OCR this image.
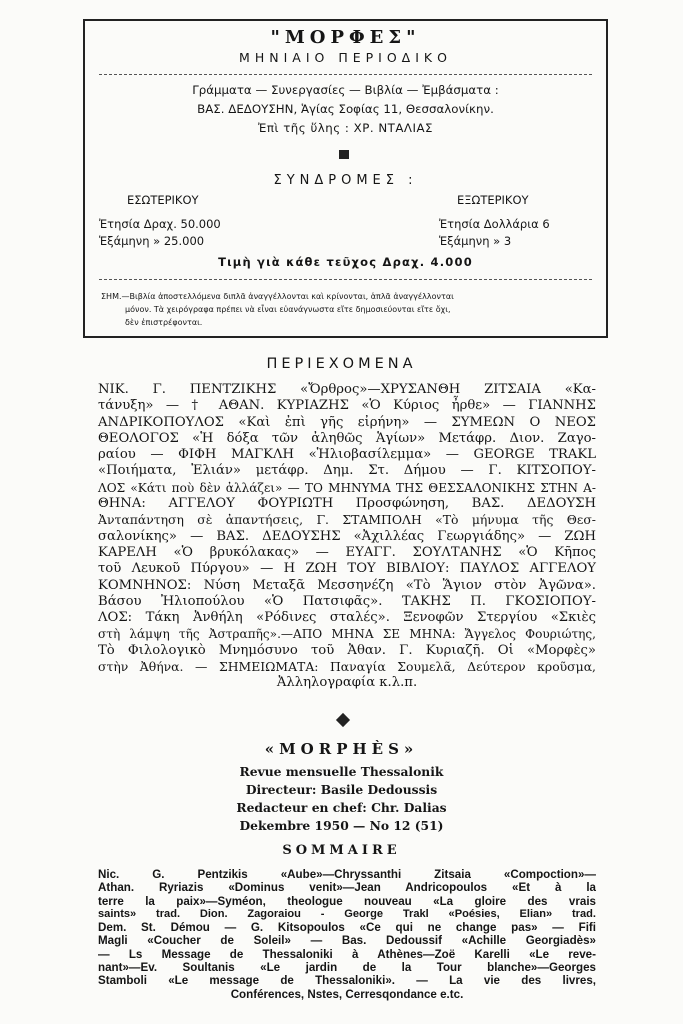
"ΜΟΡΦΕΣ"
ΜΗΝΙΑΙΟ ΠΕΡΙΟΔΙΚΟ
Γράμματα — Συνεργασίες — Βιβλία — Ἐμβάσματα :
ΒΑΣ. ΔΕΔΟΥΣΗΝ, Ἁγίας Σοφίας 11, Θεσσαλονίκην.
Ἐπὶ τῆς ὕλης : ΧΡ. ΝΤΑΛΙΑΣ
ΣΥΝΔΡΟΜΕΣ :
ΕΣΩΤΕΡΙΚΟΥ	ΕΞΩΤΕΡΙΚΟΥ
Ἐτησία Δραχ. 50.000
Ἑξάμηνη » 25.000
Ἐτησία Δολλάρια 6
Ἑξάμηνη » 3
Τιμὴ γιὰ κάθε τεῦχος Δραχ. 4.000
ΣΗΜ.—Βιβλία ἀποστελλόμενα διπλᾶ ἀναγγέλλονται καὶ κρίνονται, ἁπλᾶ ἀναγγέλλονται
μόνον. Τὰ χειρόγραφα πρέπει νὰ εἶναι εὐανάγνωστα εἴτε δημοσιεύονται εἴτε ὄχι,
δὲν ἐπιστρέφονται.
ΠΕΡΙΕΧΟΜΕΝΑ
ΝΙΚ. Γ. ΠΕΝΤΖΙΚΗΣ «Ὄρθρος»—ΧΡΥΣΑΝΘΗ ΖΙΤΣΑΙΑ «Κα-
τάνυξη» — † ΑΘΑΝ. ΚΥΡΙΑΖΗΣ «Ὁ Κύριος ἦρθε» — ΓΙΑΝΝΗΣ
ΑΝΔΡΙΚΟΠΟΥΛΟΣ «Καὶ ἐπὶ γῆς εἰρήνη» — ΣΥΜΕΩΝ Ο ΝΕΟΣ
ΘΕΟΛΟΓΟΣ «Ἡ δόξα τῶν ἀληθῶς Ἁγίων» Μετάφρ. Διον. Ζαγο-
ραίου — ΦΙΦΗ ΜΑΓΚΛΗ «Ἡλιοβασίλεμμα» — GEORGE TRAKL
«Ποιήματα, Ἐλιάν» μετάφρ. Δημ. Στ. Δήμου — Γ. ΚΙΤΣΟΠΟΥ-
ΛΟΣ «Κάτι ποὺ δὲν ἀλλάζει» — ΤΟ ΜΗΝΥΜΑ ΤΗΣ ΘΕΣΣΑΛΟΝΙΚΗΣ ΣΤΗΝ Α-
ΘΗΝΑ: ΑΓΓΕΛΟΥ ΦΟΥΡΙΩΤΗ Προσφώνηση, ΒΑΣ. ΔΕΔΟΥΣΗ
Ἀνταπάντηση σὲ ἀπαντήσεις, Γ. ΣΤΑΜΠΟΛΗ «Τὸ μήνυμα τῆς Θεσ-
σαλονίκης» — ΒΑΣ. ΔΕΔΟΥΣΗΣ «Ἀχιλλέας Γεωργιάδης» — ΖΩΗ
ΚΑΡΕΛΗ «Ὁ βρυκόλακας» — ΕΥΑΓΓ. ΣΟΥΛΤΑΝΗΣ «Ὁ Κῆπος
τοῦ Λευκοῦ Πύργου» — Η ΖΩΗ ΤΟΥ ΒΙΒΛΙΟΥ: ΠΑΥΛΟΣ ΑΓΓΕΛΟΥ
ΚΟΜΝΗΝΟΣ: Νύση Μεταξᾶ Μεσσηνέζη «Τὸ Ἅγιον στὸν Ἀγῶνα».
Βάσου Ἠλιοπούλου «Ὁ Πατσιφᾶς». ΤΑΚΗΣ Π. ΓΚΟΣΙΟΠΟΥ-
ΛΟΣ: Τάκη Ἀνθήλη «Ρόδινες σταλές». Ξενοφῶν Στεργίου «Σκιὲς
στὴ λάμψη τῆς Ἀστραπῆς».—ΑΠΟ ΜΗΝΑ ΣΕ ΜΗΝΑ: Ἄγγελος Φουριώτης,
Τὸ Φιλολογικὸ Μνημόσυνο τοῦ Ἀθαν. Γ. Κυριαζῆ. Οἱ «Μορφὲς»
στὴν Ἀθήνα. — ΣΗΜΕΙΩΜΑΤΑ: Παναγία Σουμελᾶ, Δεύτερον κροῦσμα,
Ἀλληλογραφία κ.λ.π.
«MORPHÈS»
Revue mensuelle Thessalonik
Directeur: Basile Dedoussis
Redacteur en chef: Chr. Dalias
Dekembre 1950 — No 12 (51)
SOMMAIRE
Nic. G. Pentzikis «Aube»—Chryssanthi Zitsaia «Compoction»—
Athan. Ryriazis «Dominus venit»—Jean Andricopoulos «Et à la
terre la paix»—Syméon, theologue nouveau «La gloire des vrais
saints» trad. Dion. Zagoraiou - George Trakl «Poésies, Elian» trad.
Dem. St. Démou — G. Kitsopoulos «Ce qui ne change pas» — Fifi
Magli «Coucher de Soleil» — Bas. Dedoussif «Achille Georgiadès»
— Ls Message de Thessaloniki à Athènes—Zoë Karelli «Le reve-
nant»—Ev. Soultanis «Le jardin de la Tour blanche»—Georges
Stamboli «Le message de Thessaloniki». — La vie des livres,
Conférences, Nstes, Cerresqondance e.tc.
